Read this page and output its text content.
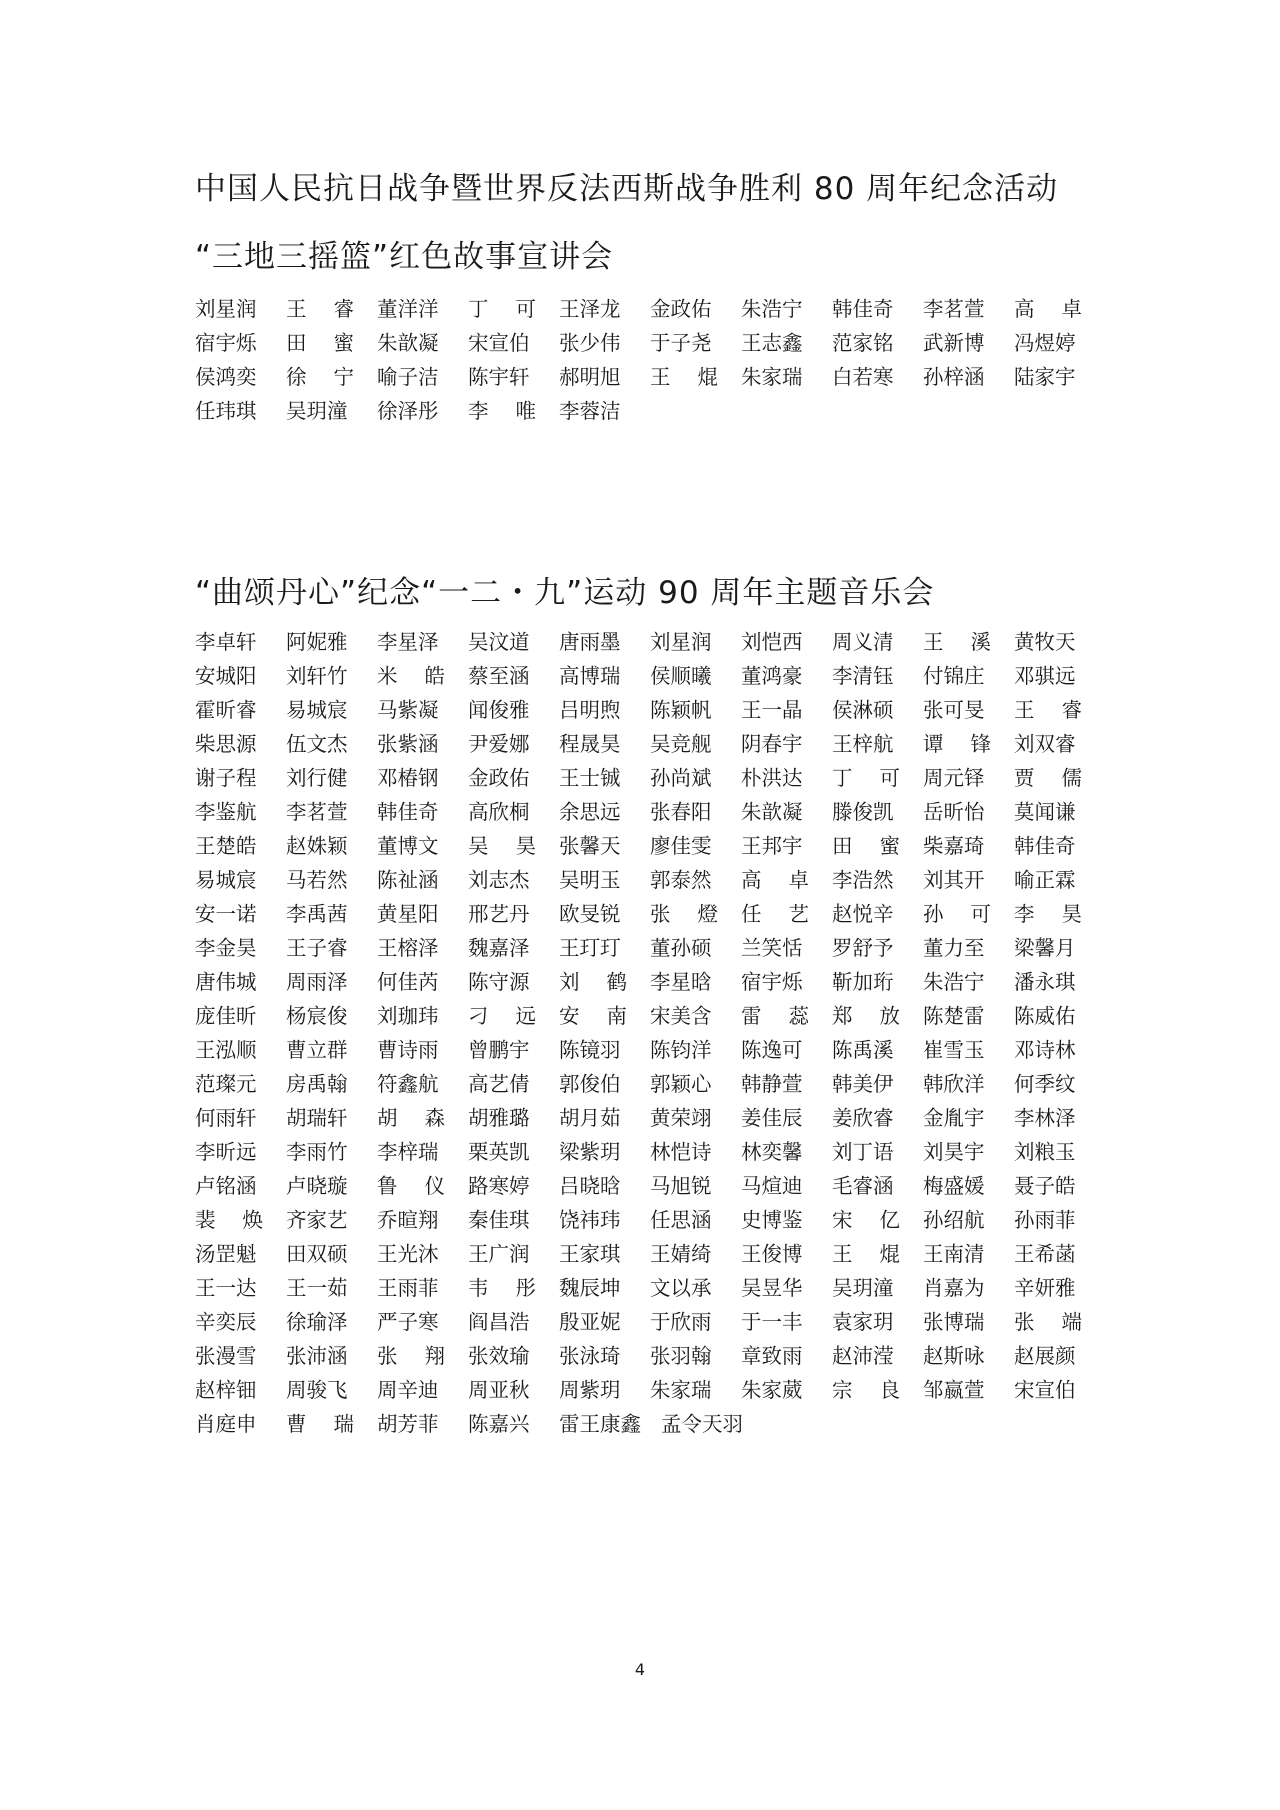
中国人民抗日战争暨世界反法西斯战争胜利 80 周年纪念活动
“三地三摇篮”红色故事宣讲会
刘星润	王 睿 董洋洋	丁 可 王泽龙	金政佑	朱浩宁	韩佳奇	李茗萱	高 卓
宿宇烁	田 蜜 朱歆凝	宋宣伯	张少伟	于子尧	王志鑫	范家铭	武新博	冯煜婷
侯鸿奕	徐 宁 喻子洁	陈宇轩	郝明旭	王 焜 朱家瑞	白若寒	孙梓涵	陆家宇
任玮琪	吴玥潼	徐泽彤	李 唯 李蓉洁
“曲颂丹心”纪念“一二・九”运动 90 周年主题音乐会
李卓轩	阿妮雅	李星泽	吴汶道	唐雨墨	刘星润	刘恺西	周义清	王 溪 黄牧天
安城阳	刘轩竹	米 皓 蔡至涵	高博瑞	侯顺曦	董鸿豪	李清钰	付锦庄	邓骐远
霍昕睿	易城宸	马紫凝	闻俊雅	吕明煦	陈颖帆	王一晶	侯淋硕	张可旻	王 睿
柴思源	伍文杰	张紫涵	尹爱娜	程晟昊	吴竞舰	阴春宇	王梓航	谭 锋 刘双睿
谢子程	刘行健	邓椿钢	金政佑	王士铖	孙尚斌	朴洪达	丁 可 周元铎	贾 儒
李鉴航	李茗萱	韩佳奇	高欣桐	余思远	张春阳	朱歆凝	滕俊凯	岳昕怡	莫闻谦
王楚皓	赵姝颖	董博文	吴 昊 张馨天	廖佳雯	王邦宇	田 蜜 柴嘉琦	韩佳奇
易城宸	马若然	陈祉涵	刘志杰	吴明玉	郭泰然	高 卓 李浩然	刘其开	喻正霖
安一诺	李禹茜	黄星阳	邢艺丹	欧旻锐	张 燈 任 艺 赵悦辛	孙 可 李 昊
李金昊	王子睿	王榕泽	魏嘉泽	王玎玎	董孙硕	兰笑恬	罗舒予	董力至	梁馨月
唐伟城	周雨泽	何佳芮	陈守源	刘 鹤 李星晗	宿宇烁	靳加珩	朱浩宁	潘永琪
庞佳昕	杨宸俊	刘珈玮	刁 远 安 南 宋美含	雷 蕊 郑 放 陈楚雷	陈威佑
王泓顺	曹立群	曹诗雨	曾鹏宇	陈镜羽	陈钧洋	陈逸可	陈禹溪	崔雪玉	邓诗林
范璨元	房禹翰	符鑫航	高艺倩	郭俊伯	郭颖心	韩静萱	韩美伊	韩欣洋	何季纹
何雨轩	胡瑞轩	胡 森 胡雅璐	胡月茹	黄荣翊	姜佳辰	姜欣睿	金胤宇	李林泽
李昕远	李雨竹	李梓瑞	栗英凯	梁紫玥	林恺诗	林奕馨	刘丁语	刘昊宇	刘粮玉
卢铭涵	卢晓璇	鲁 仪 路寒婷	吕晓晗	马旭锐	马煊迪	毛睿涵	梅盛媛	聂子皓
裴 焕 齐家艺	乔暄翔	秦佳琪	饶祎玮	任思涵	史博鉴	宋 亿 孙绍航	孙雨菲
汤罡魁	田双硕	王光沐	王广润	王家琪	王婧绮	王俊博	王 焜 王南清	王希菡
王一达	王一茹	王雨菲	韦 彤 魏辰坤	文以承	吴昱华	吴玥潼	肖嘉为	辛妍雅
辛奕辰	徐瑜泽	严子寒	阎昌浩	殷亚妮	于欣雨	于一丰	袁家玥	张博瑞	张 端
张漫雪	张沛涵	张 翔 张效瑜	张泳琦	张羽翰	章致雨	赵沛滢	赵斯咏	赵展颜
赵梓钿	周骏飞	周辛迪	周亚秋	周紫玥	朱家瑞	朱家葳	宗 良 邹嬴萱	宋宣伯
肖庭申	曹 瑞 胡芳菲	陈嘉兴	雷王康鑫 孟令天羽
4
